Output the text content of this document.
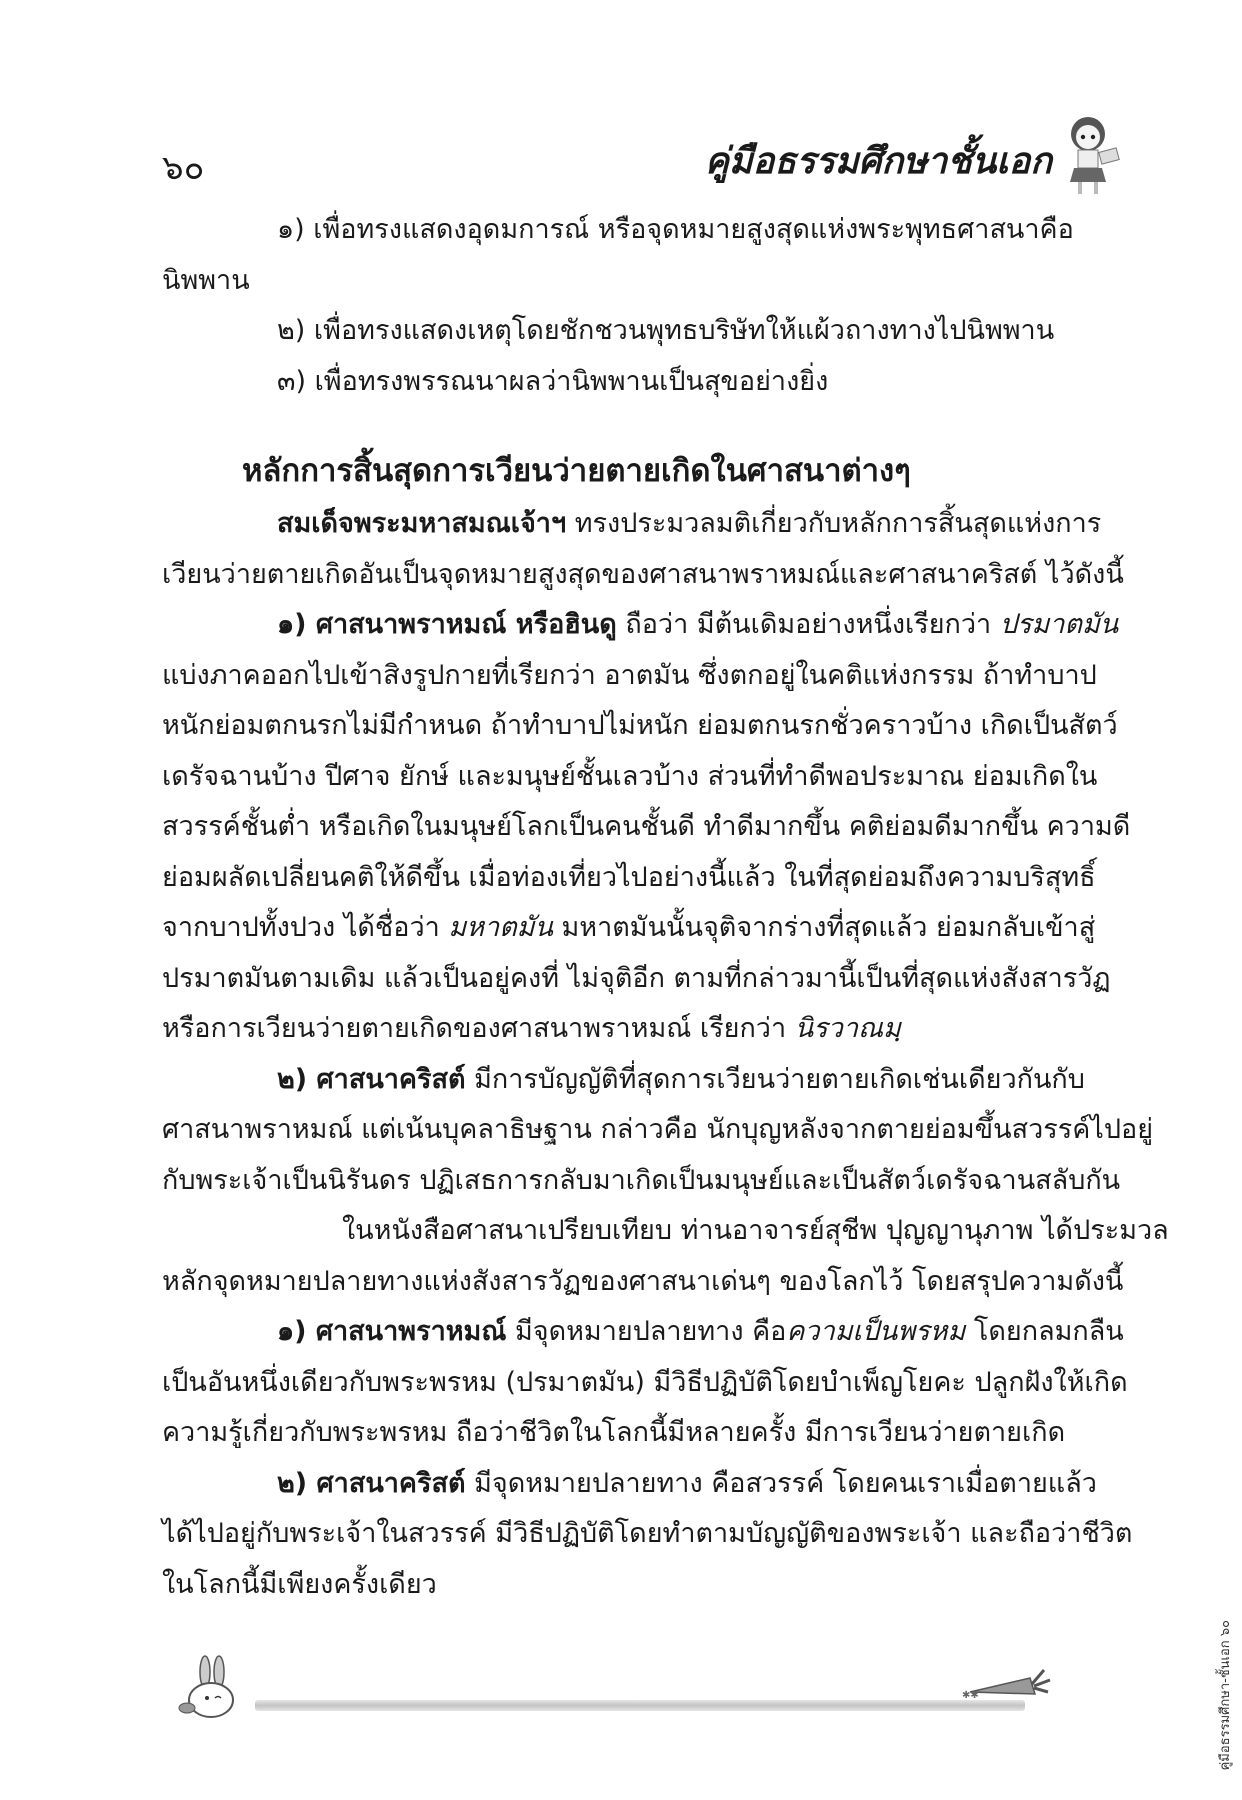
๖๐	คู่มือธรรมศึกษาชั้นเอก
๑) เพื่อทรงแสดงอุดมการณ์ หรือจุดหมายสูงสุดแห่งพระพุทธศาสนาคือ
นิพพาน
๒) เพื่อทรงแสดงเหตุโดยชักชวนพุทธบริษัทให้แผ้วถางทางไปนิพพาน
๓) เพื่อทรงพรรณนาผลว่านิพพานเป็นสุขอย่างยิ่ง
หลักการสิ้นสุดการเวียนว่ายตายเกิดในศาสนาต่างๆ
สมเด็จพระมหาสมณเจ้าฯ ทรงประมวลมติเกี่ยวกับหลักการสิ้นสุดแห่งการ
เวียนว่ายตายเกิดอันเป็นจุดหมายสูงสุดของศาสนาพราหมณ์และศาสนาคริสต์ ไว้ดังนี้
๑) ศาสนาพราหมณ์ หรือฮินดู ถือว่า มีต้นเดิมอย่างหนึ่งเรียกว่า ปรมาตมัน
แบ่งภาคออกไปเข้าสิงรูปกายที่เรียกว่า อาตมัน ซึ่งตกอยู่ในคติแห่งกรรม ถ้าทำบาป
หนักย่อมตกนรกไม่มีกำหนด ถ้าทำบาปไม่หนัก ย่อมตกนรกชั่วคราวบ้าง เกิดเป็นสัตว์
เดรัจฉานบ้าง ปีศาจ ยักษ์ และมนุษย์ชั้นเลวบ้าง ส่วนที่ทำดีพอประมาณ ย่อมเกิดใน
สวรรค์ชั้นต่ำ หรือเกิดในมนุษย์โลกเป็นคนชั้นดี ทำดีมากขึ้น คติย่อมดีมากขึ้น ความดี
ย่อมผลัดเปลี่ยนคติให้ดีขึ้น เมื่อท่องเที่ยวไปอย่างนี้แล้ว ในที่สุดย่อมถึงความบริสุทธิ์
จากบาปทั้งปวง ได้ชื่อว่า มหาตมัน มหาตมันนั้นจุติจากร่างที่สุดแล้ว ย่อมกลับเข้าสู่
ปรมาตมันตามเดิม แล้วเป็นอยู่คงที่ ไม่จุติอีก ตามที่กล่าวมานี้เป็นที่สุดแห่งสังสารวัฏ
หรือการเวียนว่ายตายเกิดของศาสนาพราหมณ์ เรียกว่า นิรวาณมฺ
๒) ศาสนาคริสต์ มีการบัญญัติที่สุดการเวียนว่ายตายเกิดเช่นเดียวกันกับ
ศาสนาพราหมณ์ แต่เน้นบุคลาธิษฐาน กล่าวคือ นักบุญหลังจากตายย่อมขึ้นสวรรค์ไปอยู่
กับพระเจ้าเป็นนิรันดร ปฏิเสธการกลับมาเกิดเป็นมนุษย์และเป็นสัตว์เดรัจฉานสลับกัน
ในหนังสือศาสนาเปรียบเทียบ ท่านอาจารย์สุชีพ ปุญญานุภาพ ได้ประมวล
หลักจุดหมายปลายทางแห่งสังสารวัฏของศาสนาเด่นๆ ของโลกไว้ โดยสรุปความดังนี้
๑) ศาสนาพราหมณ์ มีจุดหมายปลายทาง คือความเป็นพรหม โดยกลมกลืน
เป็นอันหนึ่งเดียวกับพระพรหม (ปรมาตมัน) มีวิธีปฏิบัติโดยบำเพ็ญโยคะ ปลูกฝังให้เกิด
ความรู้เกี่ยวกับพระพรหม ถือว่าชีวิตในโลกนี้มีหลายครั้ง มีการเวียนว่ายตายเกิด
๒) ศาสนาคริสต์ มีจุดหมายปลายทาง คือสวรรค์ โดยคนเราเมื่อตายแล้ว
ได้ไปอยู่กับพระเจ้าในสวรรค์ มีวิธีปฏิบัติโดยทำตามบัญญัติของพระเจ้า และถือว่าชีวิต
ในโลกนี้มีเพียงครั้งเดียว
✱✱	คู่มือธรรมศึกษา-ชั้นเอก ๖๐
